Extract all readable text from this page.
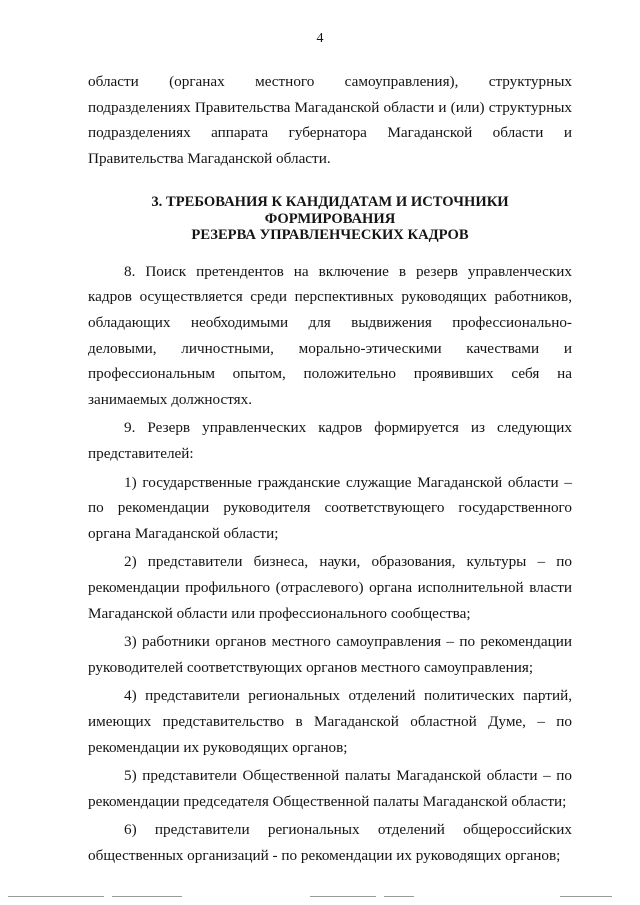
4

области (органах местного самоуправления), структурных подразделениях Правительства Магаданской области и (или) структурных подразделениях аппарата губернатора Магаданской области и Правительства Магаданской области.

3. ТРЕБОВАНИЯ К КАНДИДАТАМ И ИСТОЧНИКИ ФОРМИРОВАНИЯ
РЕЗЕРВА УПРАВЛЕНЧЕСКИХ КАДРОВ

8. Поиск претендентов на включение в резерв управленческих кадров осуществляется среди перспективных руководящих работников, обладающих необходимыми для выдвижения профессионально-деловыми, личностными, морально-этическими качествами и профессиональным опытом, положительно проявивших себя на занимаемых должностях.

9. Резерв управленческих кадров формируется из следующих представителей:

1) государственные гражданские служащие Магаданской области – по рекомендации руководителя соответствующего государственного органа Магаданской области;

2) представители бизнеса, науки, образования, культуры – по рекомендации профильного (отраслевого) органа исполнительной власти Магаданской области или профессионального сообщества;

3) работники органов местного самоуправления – по рекомендации руководителей соответствующих органов местного самоуправления;

4) представители региональных отделений политических партий, имеющих представительство в Магаданской областной Думе, – по рекомендации их руководящих органов;

5) представители Общественной палаты Магаданской области – по рекомендации председателя Общественной палаты Магаданской области;

6) представители региональных отделений общероссийских общественных организаций - по рекомендации их руководящих органов;
